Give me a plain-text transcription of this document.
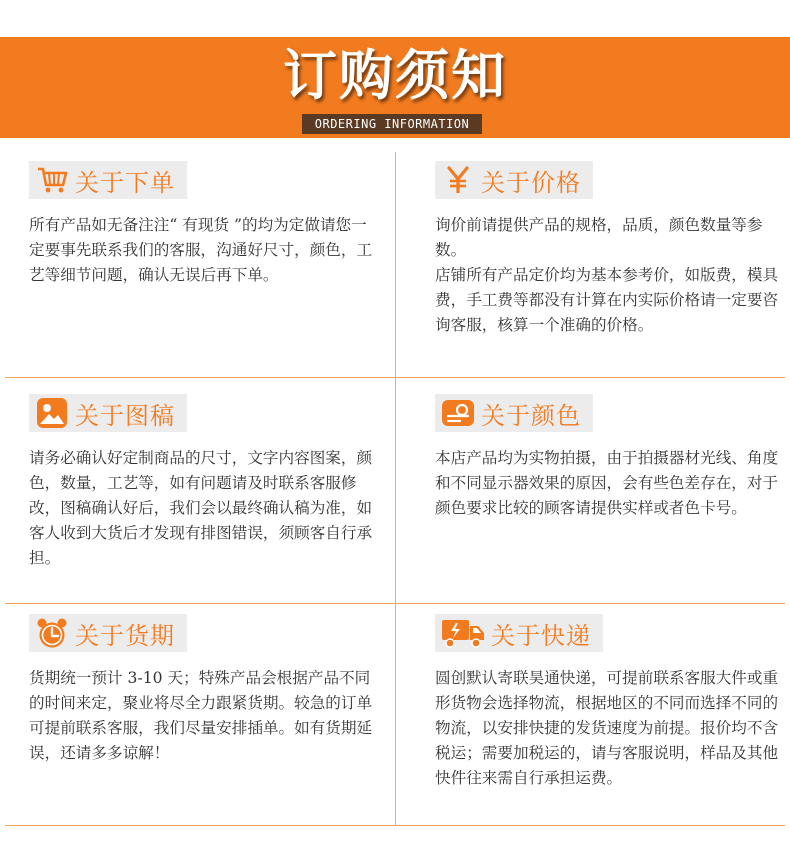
订购须知
ORDERING INFORMATION
关于下单

所有产品如无备注注“ 有现货 ”的均为定做请您一定要事先联系我们的客服，沟通好尺寸，颜色，工艺等细节问题，确认无误后再下单。

关于价格

询价前请提供产品的规格，品质，颜色数量等参数。

店铺所有产品定价均为基本参考价，如版费，模具费，手工费等都没有计算在内实际价格请一定要咨询客服，核算一个准确的价格。

关于图稿

请务必确认好定制商品的尺寸，文字内容图案，颜色，数量，工艺等，如有问题请及时联系客服修改，图稿确认好后，我们会以最终确认稿为准，如客人收到大货后才发现有排图错误，须顾客自行承担。

关于颜色

本店产品均为实物拍摄，由于拍摄器材光线、角度和不同显示器效果的原因，会有些色差存在，对于颜色要求比较的顾客请提供实样或者色卡号。

关于货期

货期统一预计 3-10 天；特殊产品会根据产品不同的时间来定，聚业将尽全力跟紧货期。较急的订单可提前联系客服，我们尽量安排插单。如有货期延误，还请多多谅解！

关于快递

圆创默认寄联昊通快递，可提前联系客服大件或重形货物会选择物流，根据地区的不同而选择不同的物流，以安排快捷的发货速度为前提。报价均不含税运；需要加税运的，请与客服说明，样品及其他快件往来需自行承担运费。
